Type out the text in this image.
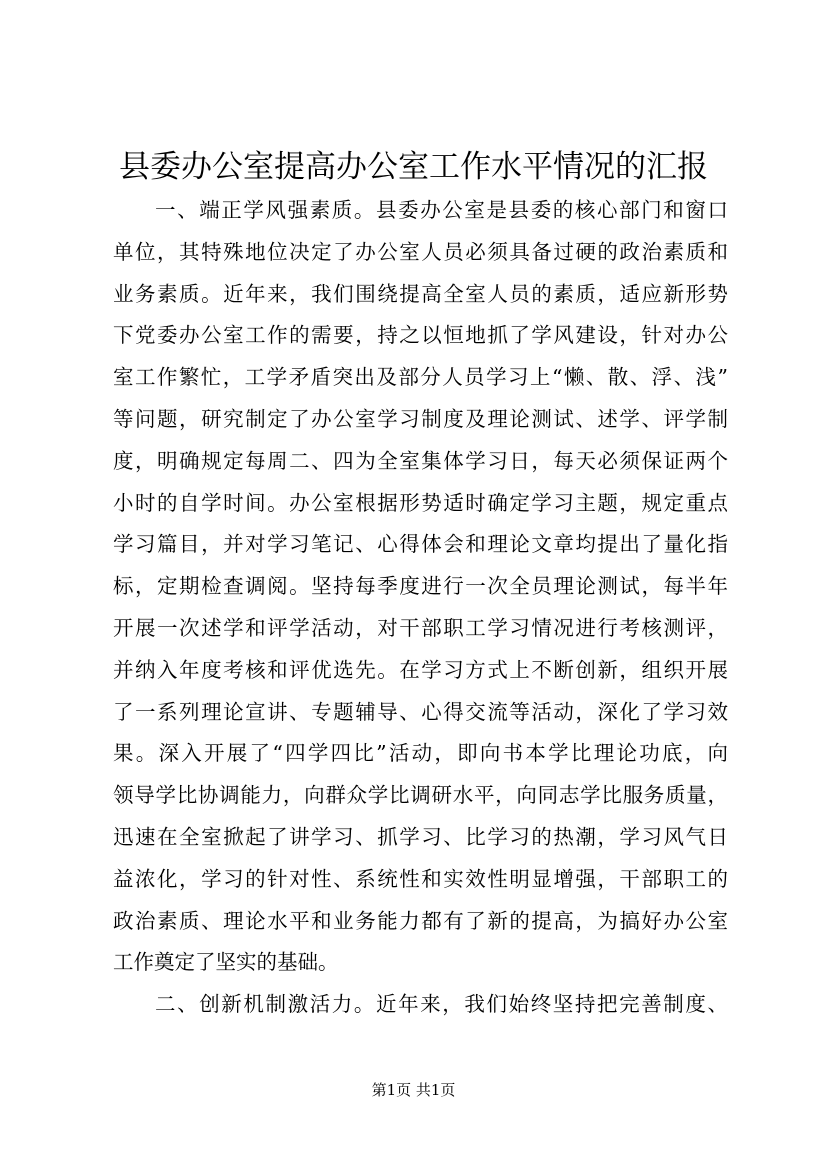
县委办公室提高办公室工作水平情况的汇报
一、端正学风强素质。县委办公室是县委的核心部门和窗口
单位，其特殊地位决定了办公室人员必须具备过硬的政治素质和
业务素质。近年来，我们围绕提高全室人员的素质，适应新形势
下党委办公室工作的需要，持之以恒地抓了学风建设，针对办公
室工作繁忙，工学矛盾突出及部分人员学习上“懒、散、浮、浅”
等问题，研究制定了办公室学习制度及理论测试、述学、评学制
度，明确规定每周二、四为全室集体学习日，每天必须保证两个
小时的自学时间。办公室根据形势适时确定学习主题，规定重点
学习篇目，并对学习笔记、心得体会和理论文章均提出了量化指
标，定期检查调阅。坚持每季度进行一次全员理论测试，每半年
开展一次述学和评学活动，对干部职工学习情况进行考核测评，
并纳入年度考核和评优选先。在学习方式上不断创新，组织开展
了一系列理论宣讲、专题辅导、心得交流等活动，深化了学习效
果。深入开展了“四学四比”活动，即向书本学比理论功底，向
领导学比协调能力，向群众学比调研水平，向同志学比服务质量，
迅速在全室掀起了讲学习、抓学习、比学习的热潮，学习风气日
益浓化，学习的针对性、系统性和实效性明显增强，干部职工的
政治素质、理论水平和业务能力都有了新的提高，为搞好办公室
工作奠定了坚实的基础。
二、创新机制激活力。近年来，我们始终坚持把完善制度、
第1页 共1页
